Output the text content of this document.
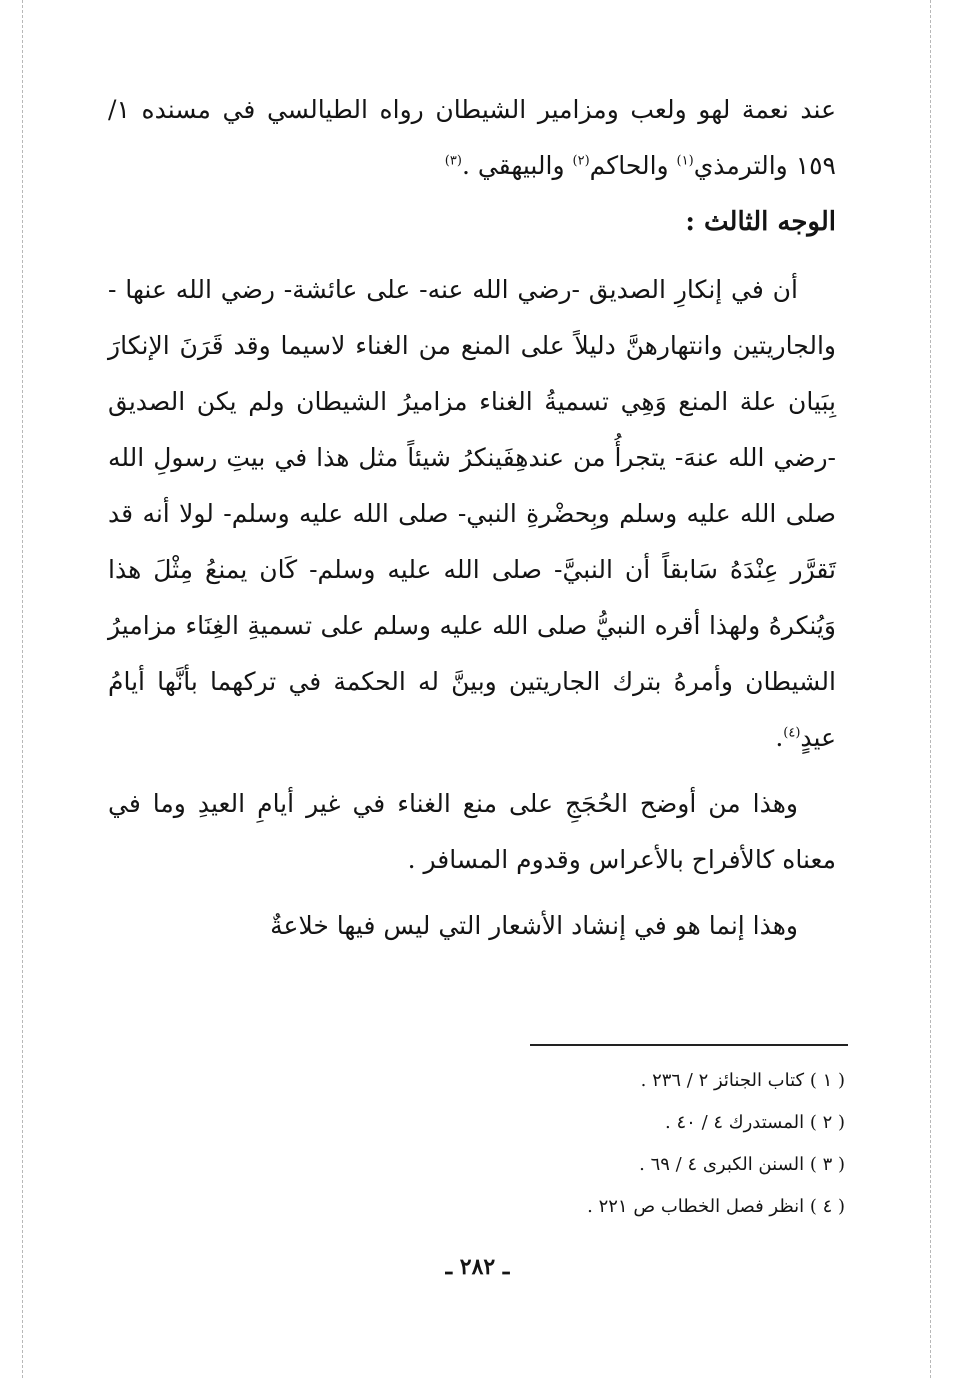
عند نعمة لهو ولعب ومزامير الشيطان رواه الطيالسي في مسنده ١/ ١٥٩ والترمذي$^{(١)}$ والحاكم$^{(٢)}$ والبيهقي .$^{(٣)}$

الوجه الثالث :

أن في إنكارِ الصديق -رضي الله عنه- على عائشة- رضي الله عنها - والجاريتين وانتهارهنَّ دليلاً على المنع من الغناء لاسيما وقد قَرَنَ الإنكارَ بِبَيان علة المنع وَهِي تسميةُ الغناء مزاميرُ الشيطان ولم يكن الصديق -رضي الله عنهَ- يتجرأُ من عندهِفَينكرُ شيئاً مثل هذا في بيتِ رسولِ الله صلى الله عليه وسلم وبِحضْرةِ النبي- صلى الله عليه وسلم- لولا أنه قد تَقرَّر عِنْدَهُ سَابقاً أن النبيَّ- صلى الله عليه وسلم- كَان يمنعُ مِثْلَ هذا وَيُنكرهُ ولهذا أقره النبيُّ صلى الله عليه وسلم على تسميةِ الغِنَاء مزاميرُ الشيطان وأمرهُ بترك الجاريتين وبينَّ له الحكمة في تركهما بأنَّها أيامُ عيدٍ$^{(٤)}$.

وهذا من أوضح الحُجَجِ على منع الغناء في غير أيامِ العيدِ وما في معناه كالأفراح بالأعراس وقدوم المسافر .

وهذا إنما هو في إنشاد الأشعار التي ليس فيها خلاعةٌ

( ١ ) كتاب الجنائز ٢ / ٢٣٦ .
( ٢ ) المستدرك ٤ / ٤٠ .
( ٣ ) السنن الكبرى ٤ / ٦٩ .
( ٤ ) انظر فصل الخطاب ص ٢٢١ .
ـ ٢٨٢ ـ
